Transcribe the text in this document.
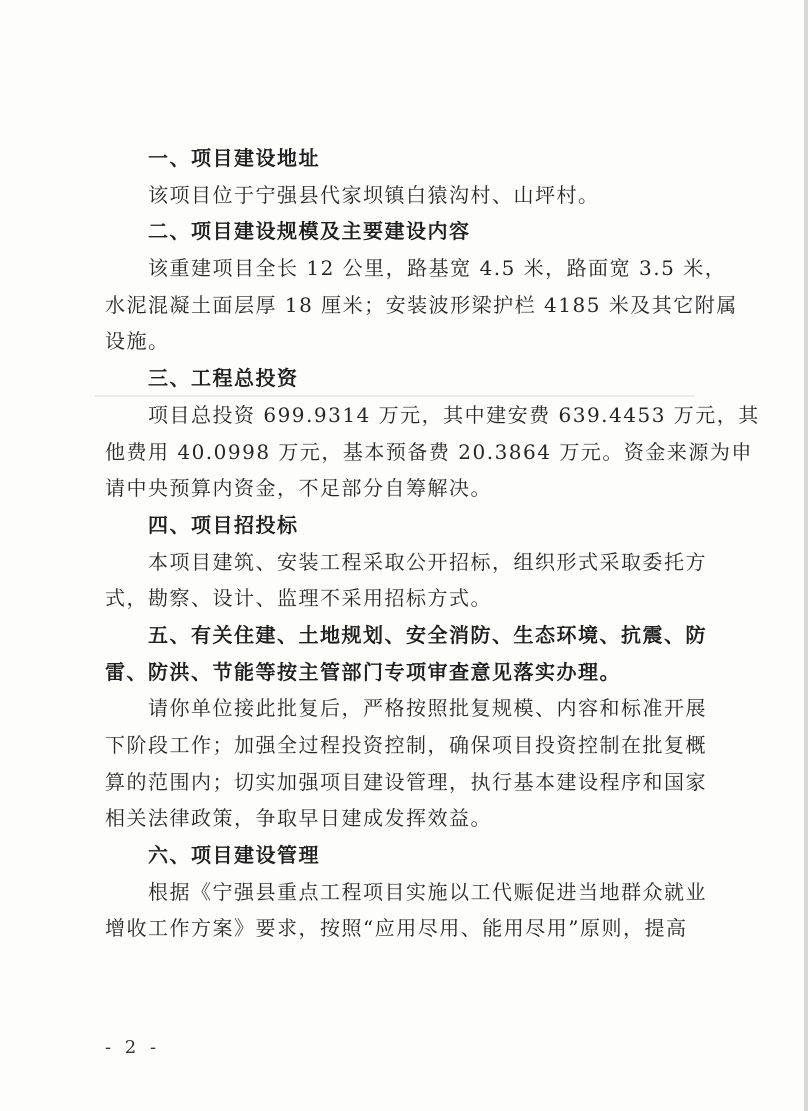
一、项目建设地址
该项目位于宁强县代家坝镇白猿沟村、山坪村。
二、项目建设规模及主要建设内容
该重建项目全长 12 公里，路基宽 4.5 米，路面宽 3.5 米，
水泥混凝土面层厚 18 厘米；安装波形梁护栏 4185 米及其它附属
设施。
三、工程总投资
项目总投资 699.9314 万元，其中建安费 639.4453 万元，其
他费用 40.0998 万元，基本预备费 20.3864 万元。资金来源为申
请中央预算内资金，不足部分自筹解决。
四、项目招投标
本项目建筑、安装工程采取公开招标，组织形式采取委托方
式，勘察、设计、监理不采用招标方式。
五、有关住建、土地规划、安全消防、生态环境、抗震、防
雷、防洪、节能等按主管部门专项审查意见落实办理。
请你单位接此批复后，严格按照批复规模、内容和标准开展
下阶段工作；加强全过程投资控制，确保项目投资控制在批复概
算的范围内；切实加强项目建设管理，执行基本建设程序和国家
相关法律政策，争取早日建成发挥效益。
六、项目建设管理
根据《宁强县重点工程项目实施以工代赈促进当地群众就业
增收工作方案》要求，按照“应用尽用、能用尽用”原则，提高
- 2 -
